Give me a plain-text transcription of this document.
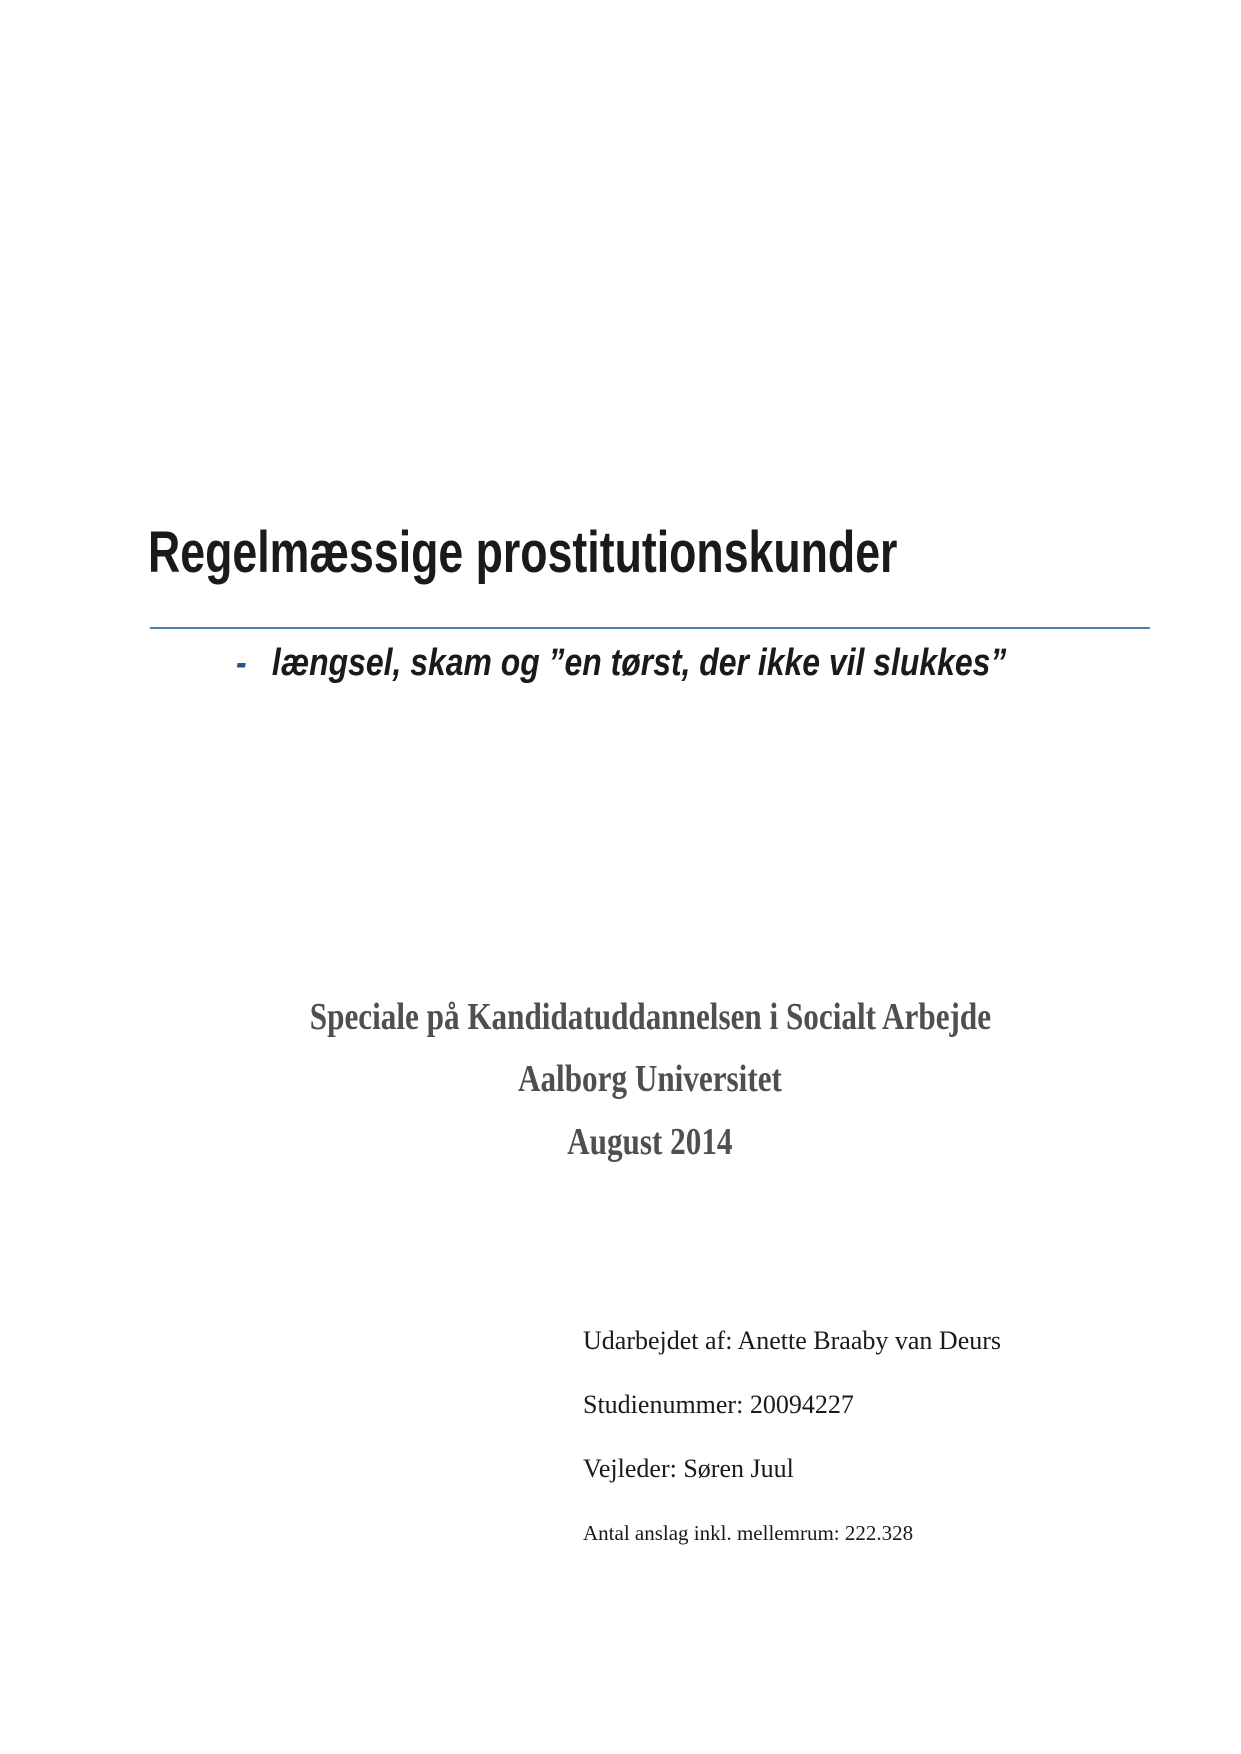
Regelmæssige prostitutionskunder
- længsel, skam og ”en tørst, der ikke vil slukkes”

Speciale på Kandidatuddannelsen i Socialt Arbejde

Aalborg Universitet

August 2014

Udarbejdet af: Anette Braaby van Deurs

Studienummer: 20094227

Vejleder: Søren Juul

Antal anslag inkl. mellemrum: 222.328
